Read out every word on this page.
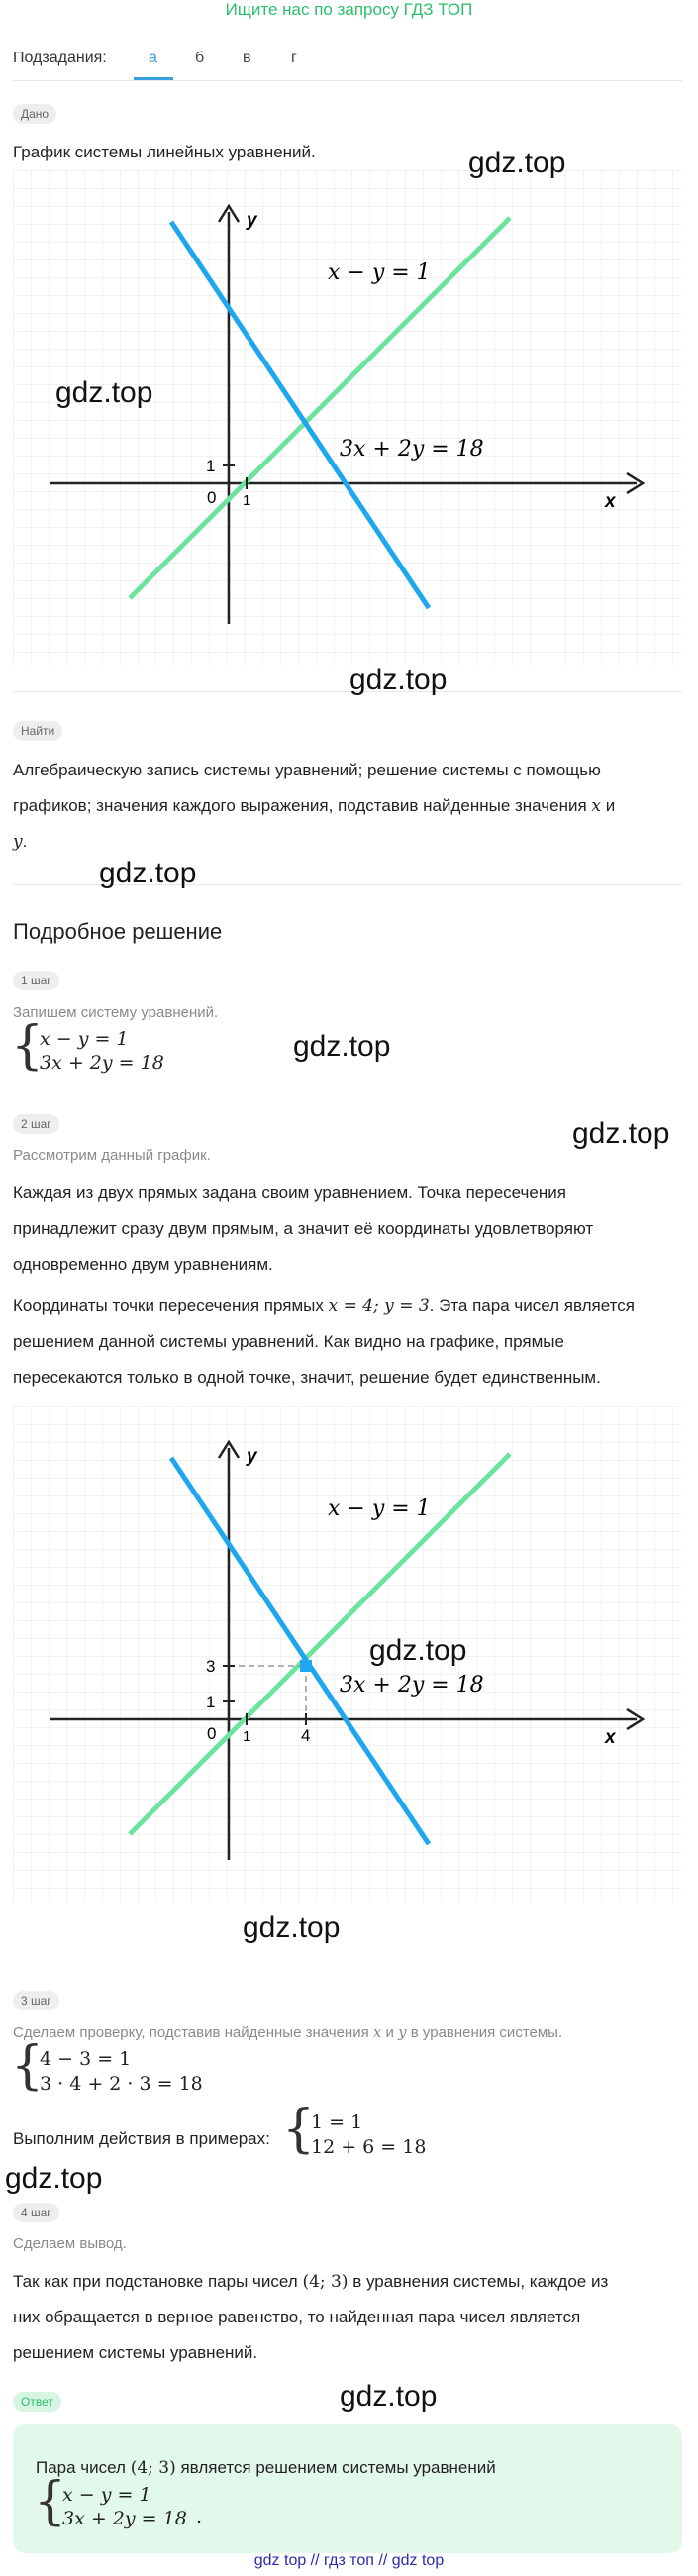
Ищите нас по запросу ГДЗ ТОП
Подзадания:	а б в	г
Дано
График системы линейных уравнений.
y
x
1
0 1
x − y = 1
3x + 2y = 18
Найти
Алгебраическую запись системы уравнений; решение системы с помощью
графиков; значения каждого выражения, подставив найденные значения x и
y.
Подробное решение
1 шаг
Запишем систему уравнений.
{
x − y = 1
3x + 2y = 18
2 шаг
Рассмотрим данный график.
Каждая из двух прямых задана своим уравнением. Точка пересечения
принадлежит сразу двум прямым, а значит её координаты удовлетворяют
одновременно двум уравнениям.
Координаты точки пересечения прямых x = 4; y = 3. Эта пара чисел является
решением данной системы уравнений. Как видно на графике, прямые
пересекаются только в одной точке, значит, решение будет единственным.
y
x
1
3
0 1	4
x − y = 1
3x + 2y = 18
3 шаг
Сделаем проверку, подставив найденные значения x и y в уравнения системы.
{
4 − 3 = 1
3 · 4 + 2 · 3 = 18
Выполним действия в примерах: {
1 = 1
12 + 6 = 18
4 шаг
Сделаем вывод.
Так как при подстановке пары чисел (4; 3) в уравнения системы, каждое из
них обращается в верное равенство, то найденная пара чисел является
решением системы уравнений.
Ответ
Пара чисел (4; 3) является решением системы уравнений
{
x − y = 1
3x + 2y = 18 .
gdz.top
gdz.top
gdz.top
gdz.top
gdz.top
gdz.top
gdz.top
gdz.top
gdz.top
gdz.top
gdz top // гдз топ // gdz top
